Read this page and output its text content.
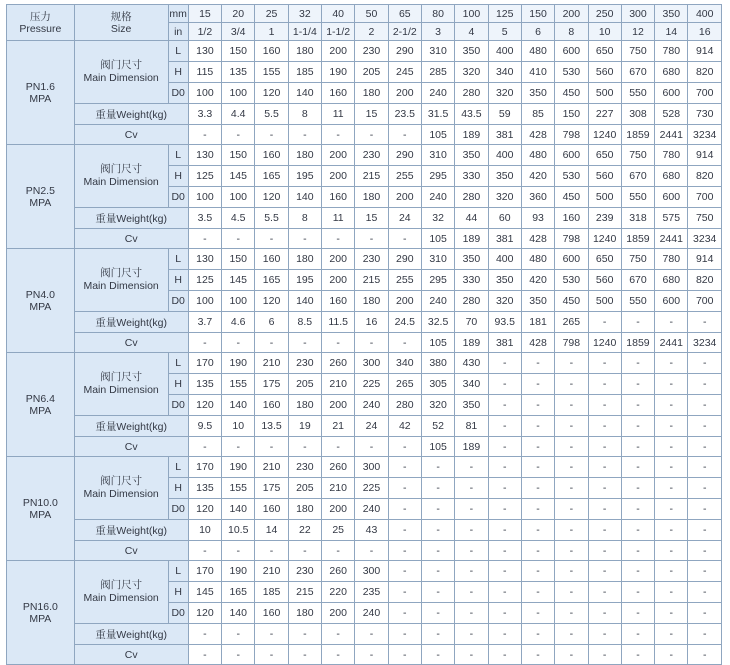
压力
Pressure	规格
Size	mm	15	20	25	32	40	50	65	80	100	125	150	200	250	300	350	400
		in	1/2	3/4	1	1-1/4	1-1/2	2	2-1/2	3	4	5	6	8	10	12	14	16
PN1.6
MPA	阀门尺寸
Main Dimension	L	130	150	160	180	200	230	290	310	350	400	480	600	650	750	780	914
		H	115	135	155	185	190	205	245	285	320	340	410	530	560	670	680	820
		D0	100	100	120	140	160	180	200	240	280	320	350	450	500	550	600	700
	重量Weight(kg)		3.3	4.4	5.5	8	11	15	23.5	31.5	43.5	59	85	150	227	308	528	730
	Cv		-	-	-	-	-	-	-	105	189	381	428	798	1240	1859	2441	3234
PN2.5
MPA	阀门尺寸
Main Dimension	L	130	150	160	180	200	230	290	310	350	400	480	600	650	750	780	914
		H	125	145	165	195	200	215	255	295	330	350	420	530	560	670	680	820
		D0	100	100	120	140	160	180	200	240	280	320	360	450	500	550	600	700
	重量Weight(kg)		3.5	4.5	5.5	8	11	15	24	32	44	60	93	160	239	318	575	750
	Cv		-	-	-	-	-	-	-	105	189	381	428	798	1240	1859	2441	3234
PN4.0
MPA	阀门尺寸
Main Dimension	L	130	150	160	180	200	230	290	310	350	400	480	600	650	750	780	914
		H	125	145	165	195	200	215	255	295	330	350	420	530	560	670	680	820
		D0	100	100	120	140	160	180	200	240	280	320	350	450	500	550	600	700
	重量Weight(kg)		3.7	4.6	6	8.5	11.5	16	24.5	32.5	70	93.5	181	265	-	-	-	-
	Cv		-	-	-	-	-	-	-	105	189	381	428	798	1240	1859	2441	3234
PN6.4
MPA	阀门尺寸
Main Dimension	L	170	190	210	230	260	300	340	380	430	-	-	-	-	-	-	-
		H	135	155	175	205	210	225	265	305	340	-	-	-	-	-	-	-
		D0	120	140	160	180	200	240	280	320	350	-	-	-	-	-	-	-
	重量Weight(kg)		9.5	10	13.5	19	21	24	42	52	81	-	-	-	-	-	-	-
	Cv		-	-	-	-	-	-	-	105	189	-	-	-	-	-	-	-
PN10.0
MPA	阀门尺寸
Main Dimension	L	170	190	210	230	260	300	-	-	-	-	-	-	-	-	-	-
		H	135	155	175	205	210	225	-	-	-	-	-	-	-	-	-	-
		D0	120	140	160	180	200	240	-	-	-	-	-	-	-	-	-	-
	重量Weight(kg)		10	10.5	14	22	25	43	-	-	-	-	-	-	-	-	-	-
	Cv		-	-	-	-	-	-	-	-	-	-	-	-	-	-	-	-
PN16.0
MPA	阀门尺寸
Main Dimension	L	170	190	210	230	260	300	-	-	-	-	-	-	-	-	-	-
		H	145	165	185	215	220	235	-	-	-	-	-	-	-	-	-	-
		D0	120	140	160	180	200	240	-	-	-	-	-	-	-	-	-	-
	重量Weight(kg)		-	-	-	-	-	-	-	-	-	-	-	-	-	-	-	-
	Cv		-	-	-	-	-	-	-	-	-	-	-	-	-	-	-	-
